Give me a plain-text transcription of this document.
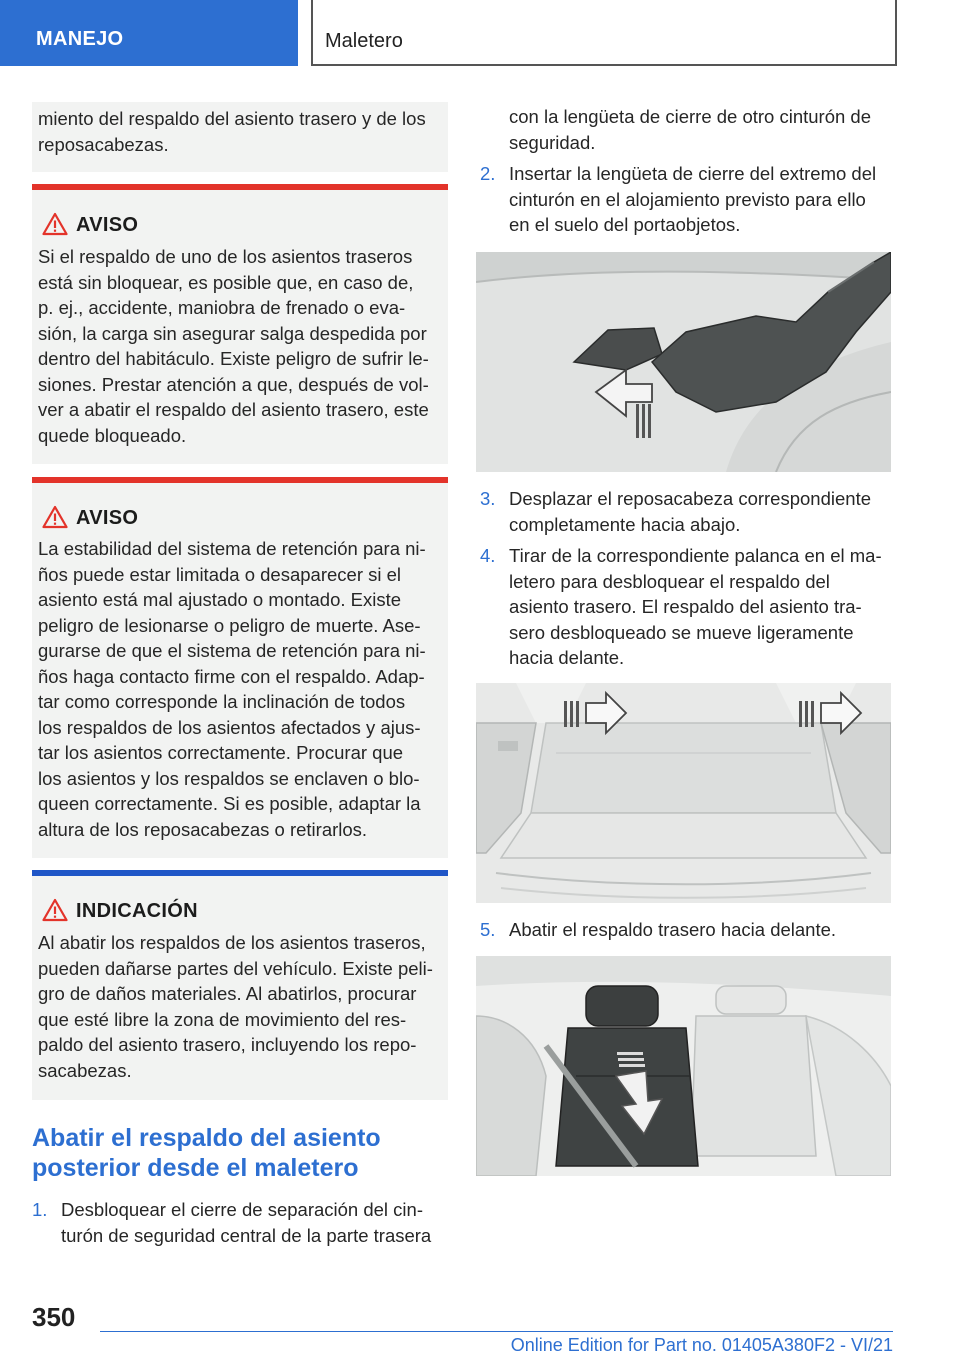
MANEJO	Maletero
miento del respaldo del asiento trasero y de los reposacabezas.
AVISO
Si el respaldo de uno de los asientos traseros
está sin bloquear, es posible que, en caso de,
p. ej., accidente, maniobra de frenado o eva-
sión, la carga sin asegurar salga despedida por
dentro del habitáculo. Existe peligro de sufrir le-
siones. Prestar atención a que, después de vol-
ver a abatir el respaldo del asiento trasero, este
quede bloqueado.
AVISO
La estabilidad del sistema de retención para ni-
ños puede estar limitada o desaparecer si el
asiento está mal ajustado o montado. Existe
peligro de lesionarse o peligro de muerte. Ase-
gurarse de que el sistema de retención para ni-
ños haga contacto firme con el respaldo. Adap-
tar como corresponde la inclinación de todos
los respaldos de los asientos afectados y ajus-
tar los asientos correctamente. Procurar que
los asientos y los respaldos se enclaven o blo-
queen correctamente. Si es posible, adaptar la
altura de los reposacabezas o retirarlos.
INDICACIÓN
Al abatir los respaldos de los asientos traseros,
pueden dañarse partes del vehículo. Existe peli-
gro de daños materiales. Al abatirlos, procurar
que esté libre la zona de movimiento del res-
paldo del asiento trasero, incluyendo los repo-
sacabezas.
Abatir el respaldo del asiento posterior desde el maletero
1. Desbloquear el cierre de separación del cin-
turón de seguridad central de la parte trasera
con la lengüeta de cierre de otro cinturón de
seguridad.
2. Insertar la lengüeta de cierre del extremo del
cinturón en el alojamiento previsto para ello
en el suelo del portaobjetos.
3. Desplazar el reposacabeza correspondiente
completamente hacia abajo.
4. Tirar de la correspondiente palanca en el ma-
letero para desbloquear el respaldo del
asiento trasero. El respaldo del asiento tra-
sero desbloqueado se mueve ligeramente
hacia delante.
5. Abatir el respaldo trasero hacia delante.
350
Online Edition for Part no. 01405A380F2 - VI/21
